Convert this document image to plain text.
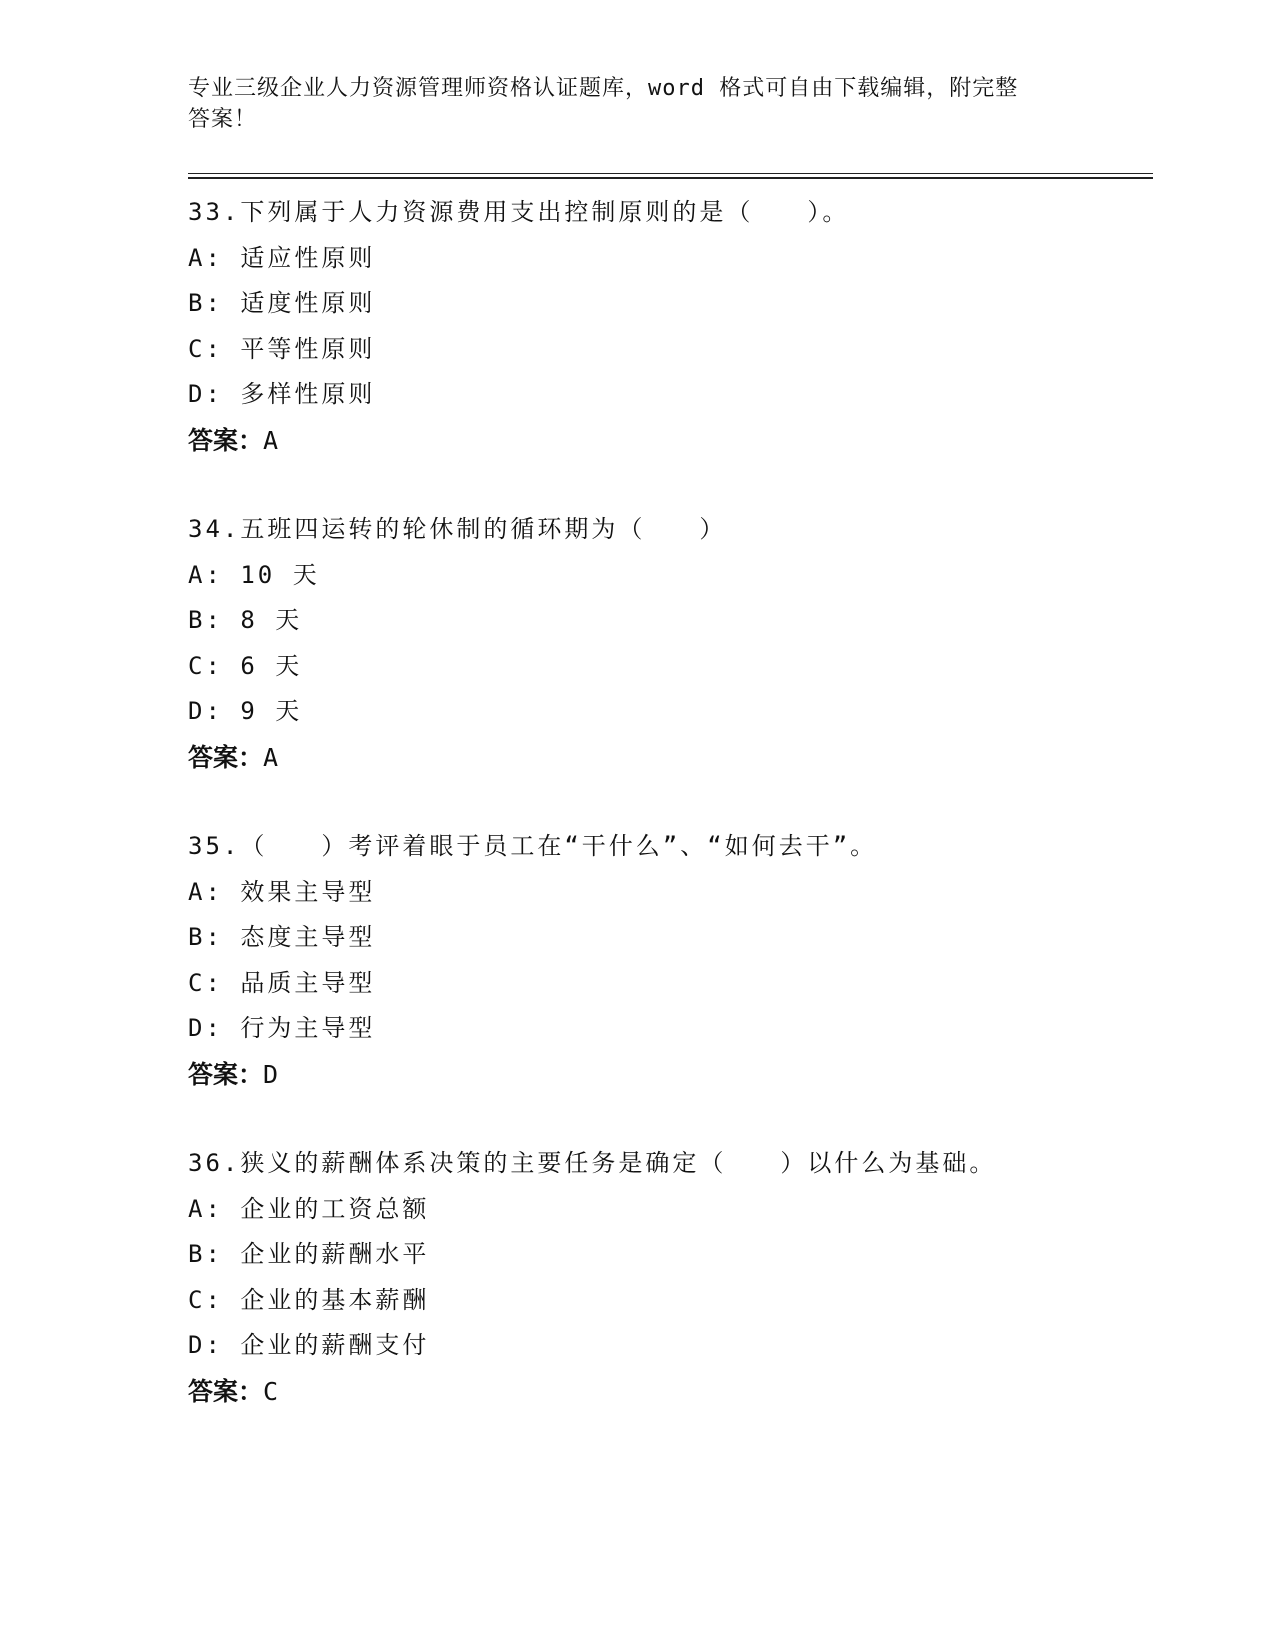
专业三级企业人力资源管理师资格认证题库，word 格式可自由下载编辑，附完整
答案！
33.下列属于人力资源费用支出控制原则的是（　　）。
A: 适应性原则
B: 适度性原则
C: 平等性原则
D: 多样性原则
答案：A
34.五班四运转的轮休制的循环期为（　　）
A: 10 天
B: 8 天
C: 6 天
D: 9 天
答案：A
35.（　　）考评着眼于员工在“干什么”、“如何去干”。
A: 效果主导型
B: 态度主导型
C: 品质主导型
D: 行为主导型
答案：D
36.狭义的薪酬体系决策的主要任务是确定（　　）以什么为基础。
A: 企业的工资总额
B: 企业的薪酬水平
C: 企业的基本薪酬
D: 企业的薪酬支付
答案：C
